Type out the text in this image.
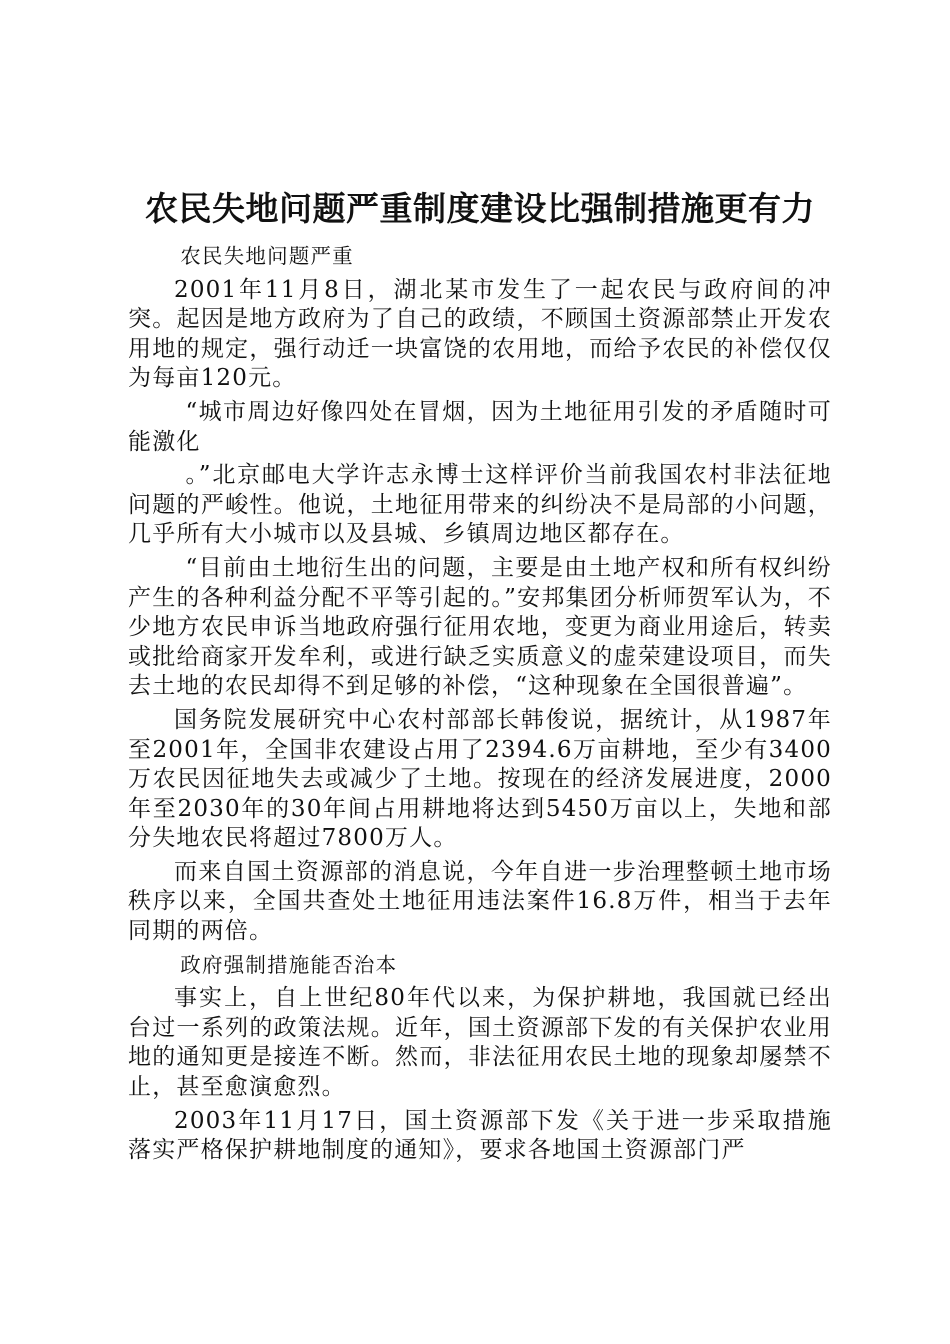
农民失地问题严重制度建设比强制措施更有力
农民失地问题严重

2001年11月8日，湖北某市发生了一起农民与政府间的冲突。起因是地方政府为了自己的政绩，不顾国土资源部禁止开发农用地的规定，强行动迁一块富饶的农用地，而给予农民的补偿仅仅为每亩120元。

“城市周边好像四处在冒烟，因为土地征用引发的矛盾随时可能激化

。”北京邮电大学许志永博士这样评价当前我国农村非法征地问题的严峻性。他说，土地征用带来的纠纷决不是局部的小问题，几乎所有大小城市以及县城、乡镇周边地区都存在。

“目前由土地衍生出的问题，主要是由土地产权和所有权纠纷产生的各种利益分配不平等引起的。”安邦集团分析师贺军认为，不少地方农民申诉当地政府强行征用农地，变更为商业用途后，转卖或批给商家开发牟利，或进行缺乏实质意义的虚荣建设项目，而失去土地的农民却得不到足够的补偿，“这种现象在全国很普遍”。

国务院发展研究中心农村部部长韩俊说，据统计，从1987年至2001年，全国非农建设占用了2394.6万亩耕地，至少有3400万农民因征地失去或减少了土地。按现在的经济发展进度，2000年至2030年的30年间占用耕地将达到5450万亩以上，失地和部分失地农民将超过7800万人。

而来自国土资源部的消息说，今年自进一步治理整顿土地市场秩序以来，全国共查处土地征用违法案件16.8万件，相当于去年同期的两倍。

政府强制措施能否治本

事实上，自上世纪80年代以来，为保护耕地，我国就已经出台过一系列的政策法规。近年，国土资源部下发的有关保护农业用地的通知更是接连不断。然而，非法征用农民土地的现象却屡禁不止，甚至愈演愈烈。

2003年11月17日，国土资源部下发《关于进一步采取措施落实严格保护耕地制度的通知》，要求各地国土资源部门严
